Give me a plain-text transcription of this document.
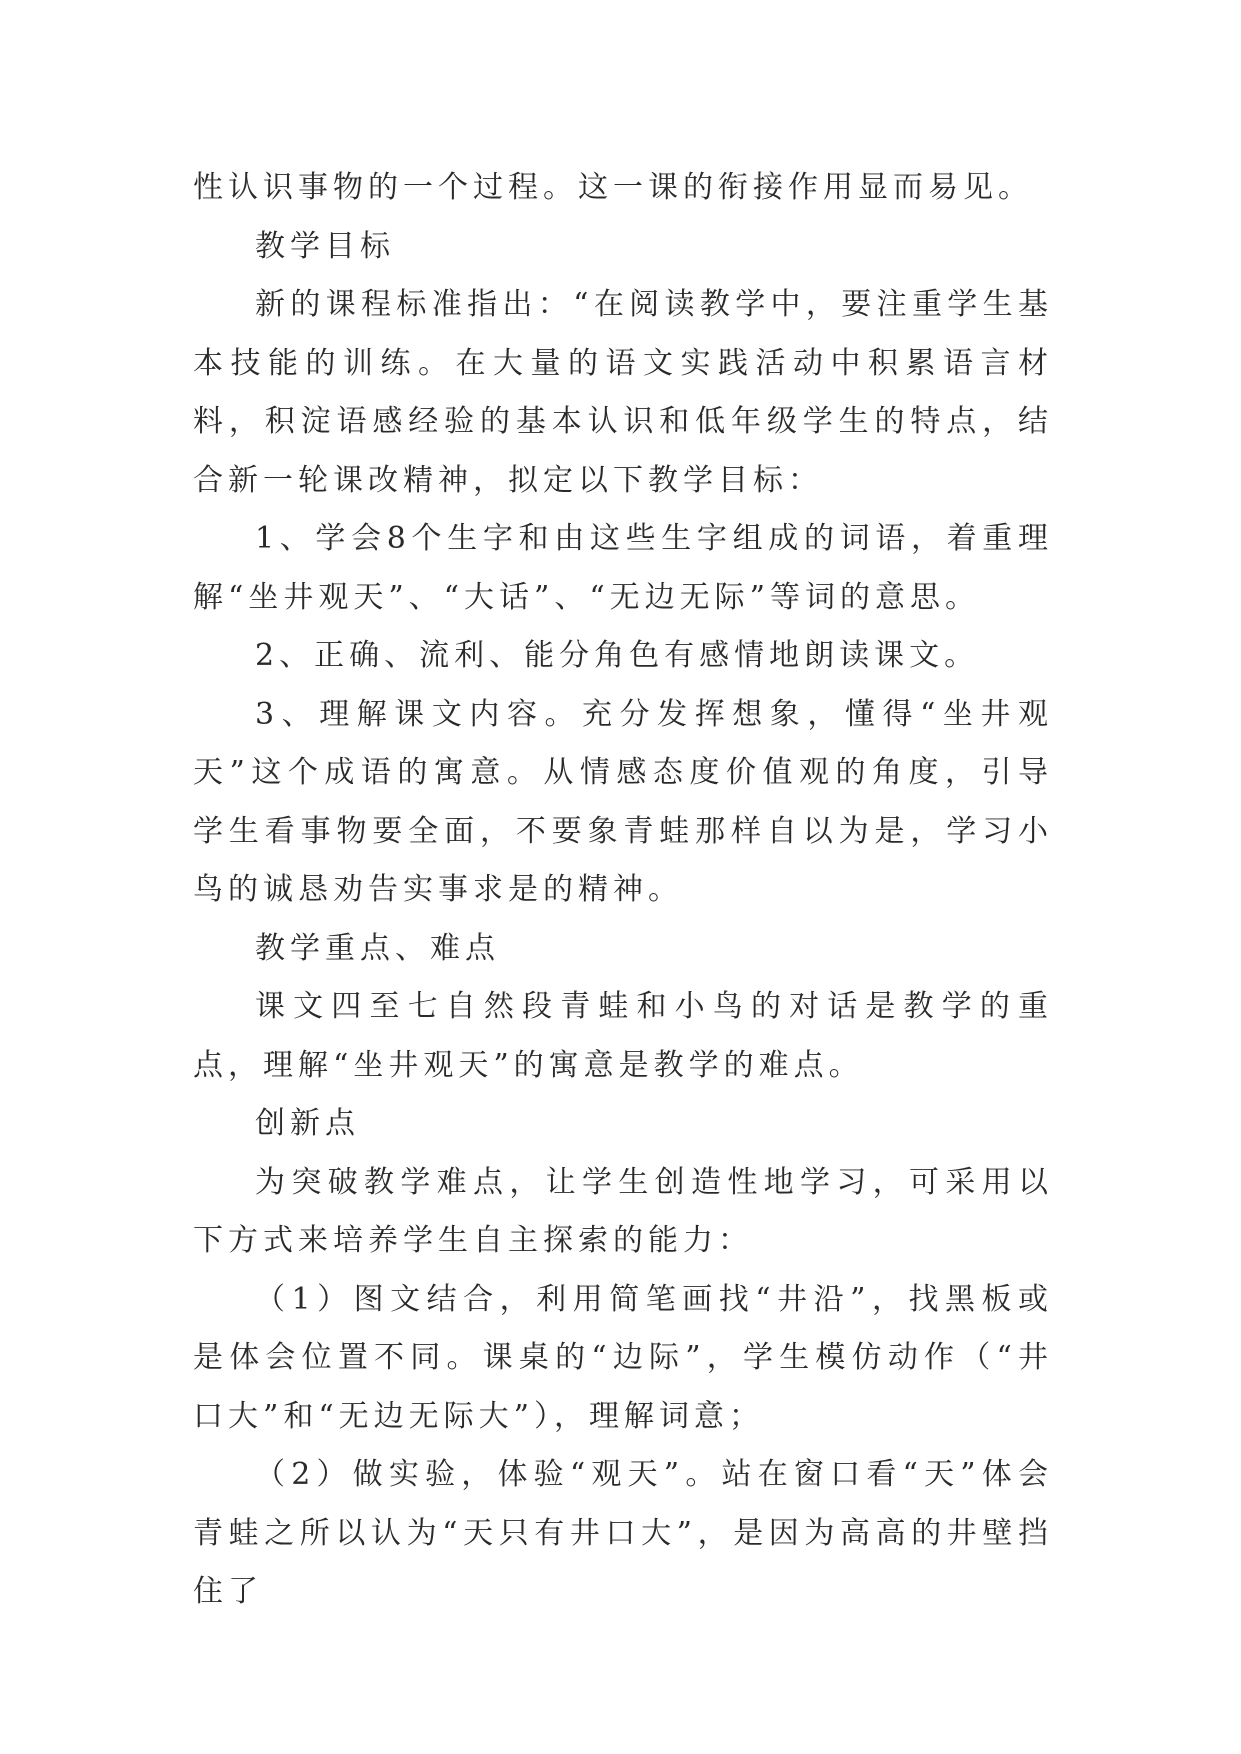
性认识事物的一个过程。这一课的衔接作用显而易见。

教学目标

新的课程标准指出：“在阅读教学中，要注重学生基本技能的训练。在大量的语文实践活动中积累语言材料，积淀语感经验的基本认识和低年级学生的特点，结合新一轮课改精神，拟定以下教学目标：

1、学会8个生字和由这些生字组成的词语，着重理解“坐井观天”、“大话”、“无边无际”等词的意思。

2、正确、流利、能分角色有感情地朗读课文。

3、理解课文内容。充分发挥想象，懂得“坐井观天”这个成语的寓意。从情感态度价值观的角度，引导学生看事物要全面，不要象青蛙那样自以为是，学习小鸟的诚恳劝告实事求是的精神。

教学重点、难点

课文四至七自然段青蛙和小鸟的对话是教学的重点，理解“坐井观天”的寓意是教学的难点。

创新点

为突破教学难点，让学生创造性地学习，可采用以下方式来培养学生自主探索的能力：

（1）图文结合，利用简笔画找“井沿”，找黑板或是体会位置不同。课桌的“边际”，学生模仿动作（“井口大”和“无边无际大”），理解词意；

（2）做实验，体验“观天”。站在窗口看“天”体会青蛙之所以认为“天只有井口大”，是因为高高的井壁挡住了
